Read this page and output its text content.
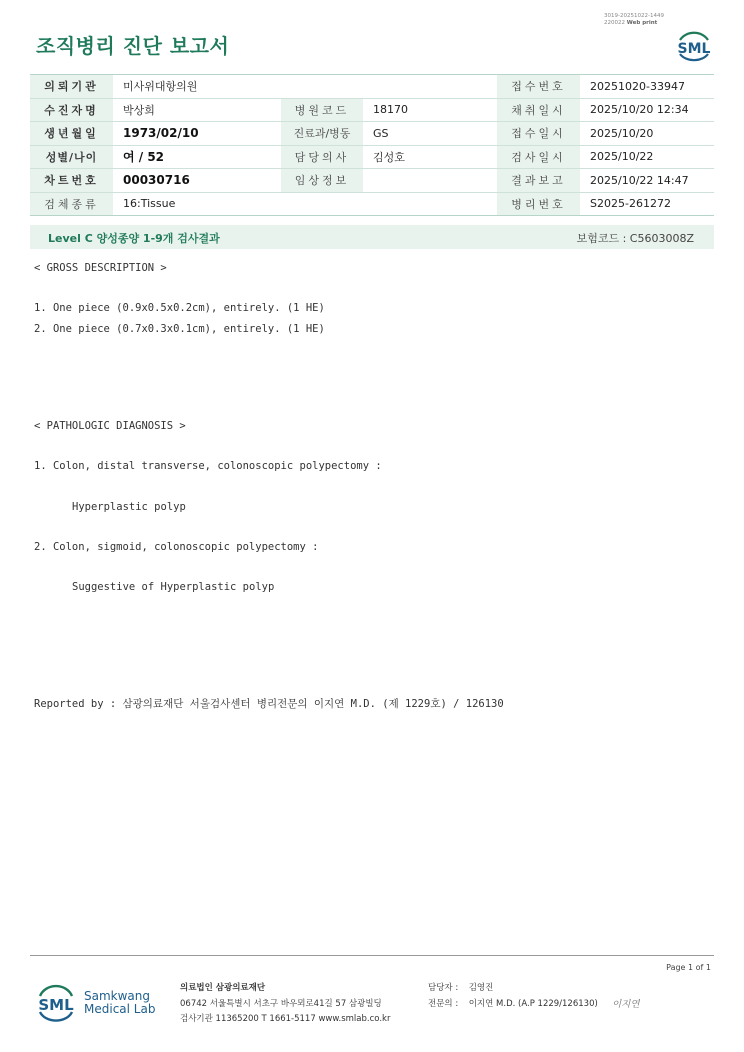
조직병리 진단 보고서
3019-20251022-1449
220022 Web print
SML
의뢰기관	미사위대항의원			접수번호	20251020-33947
수진자명	박상희	병원코드	18170	채취일시	2025/10/20 12:34
생년월일	1973/02/10	진료과/병동	GS	접수일시	2025/10/20
성별/나이	여 / 52	담당의사	김성호	검사일시	2025/10/22
차트번호	00030716	임상정보		결과보고	2025/10/22 14:47
검체종류	16:Tissue			병리번호	S2025-261272
Level C 양성종양 1-9개 검사결과	보험코드 : C5603008Z
< GROSS DESCRIPTION >
1. One piece (0.9x0.5x0.2cm), entirely. (1 HE)
2. One piece (0.7x0.3x0.1cm), entirely. (1 HE)
< PATHOLOGIC DIAGNOSIS >
1. Colon, distal transverse, colonoscopic polypectomy :
Hyperplastic polyp
2. Colon, sigmoid, colonoscopic polypectomy :
Suggestive of Hyperplastic polyp
Reported by : 삼광의료재단 서울검사센터 병리전문의 이지연 M.D. (제 1229호) / 126130
Page 1 of 1
SML Samkwang
Medical Lab
의료법인 삼광의료재단
06742 서울특별시 서초구 바우뫼로41길 57 삼광빌딩
검사기관 11365200 T 1661-5117 www.smlab.co.kr
담당자 : 김영진
전문의 : 이지연 M.D. (A.P 1229/126130) 이지연
